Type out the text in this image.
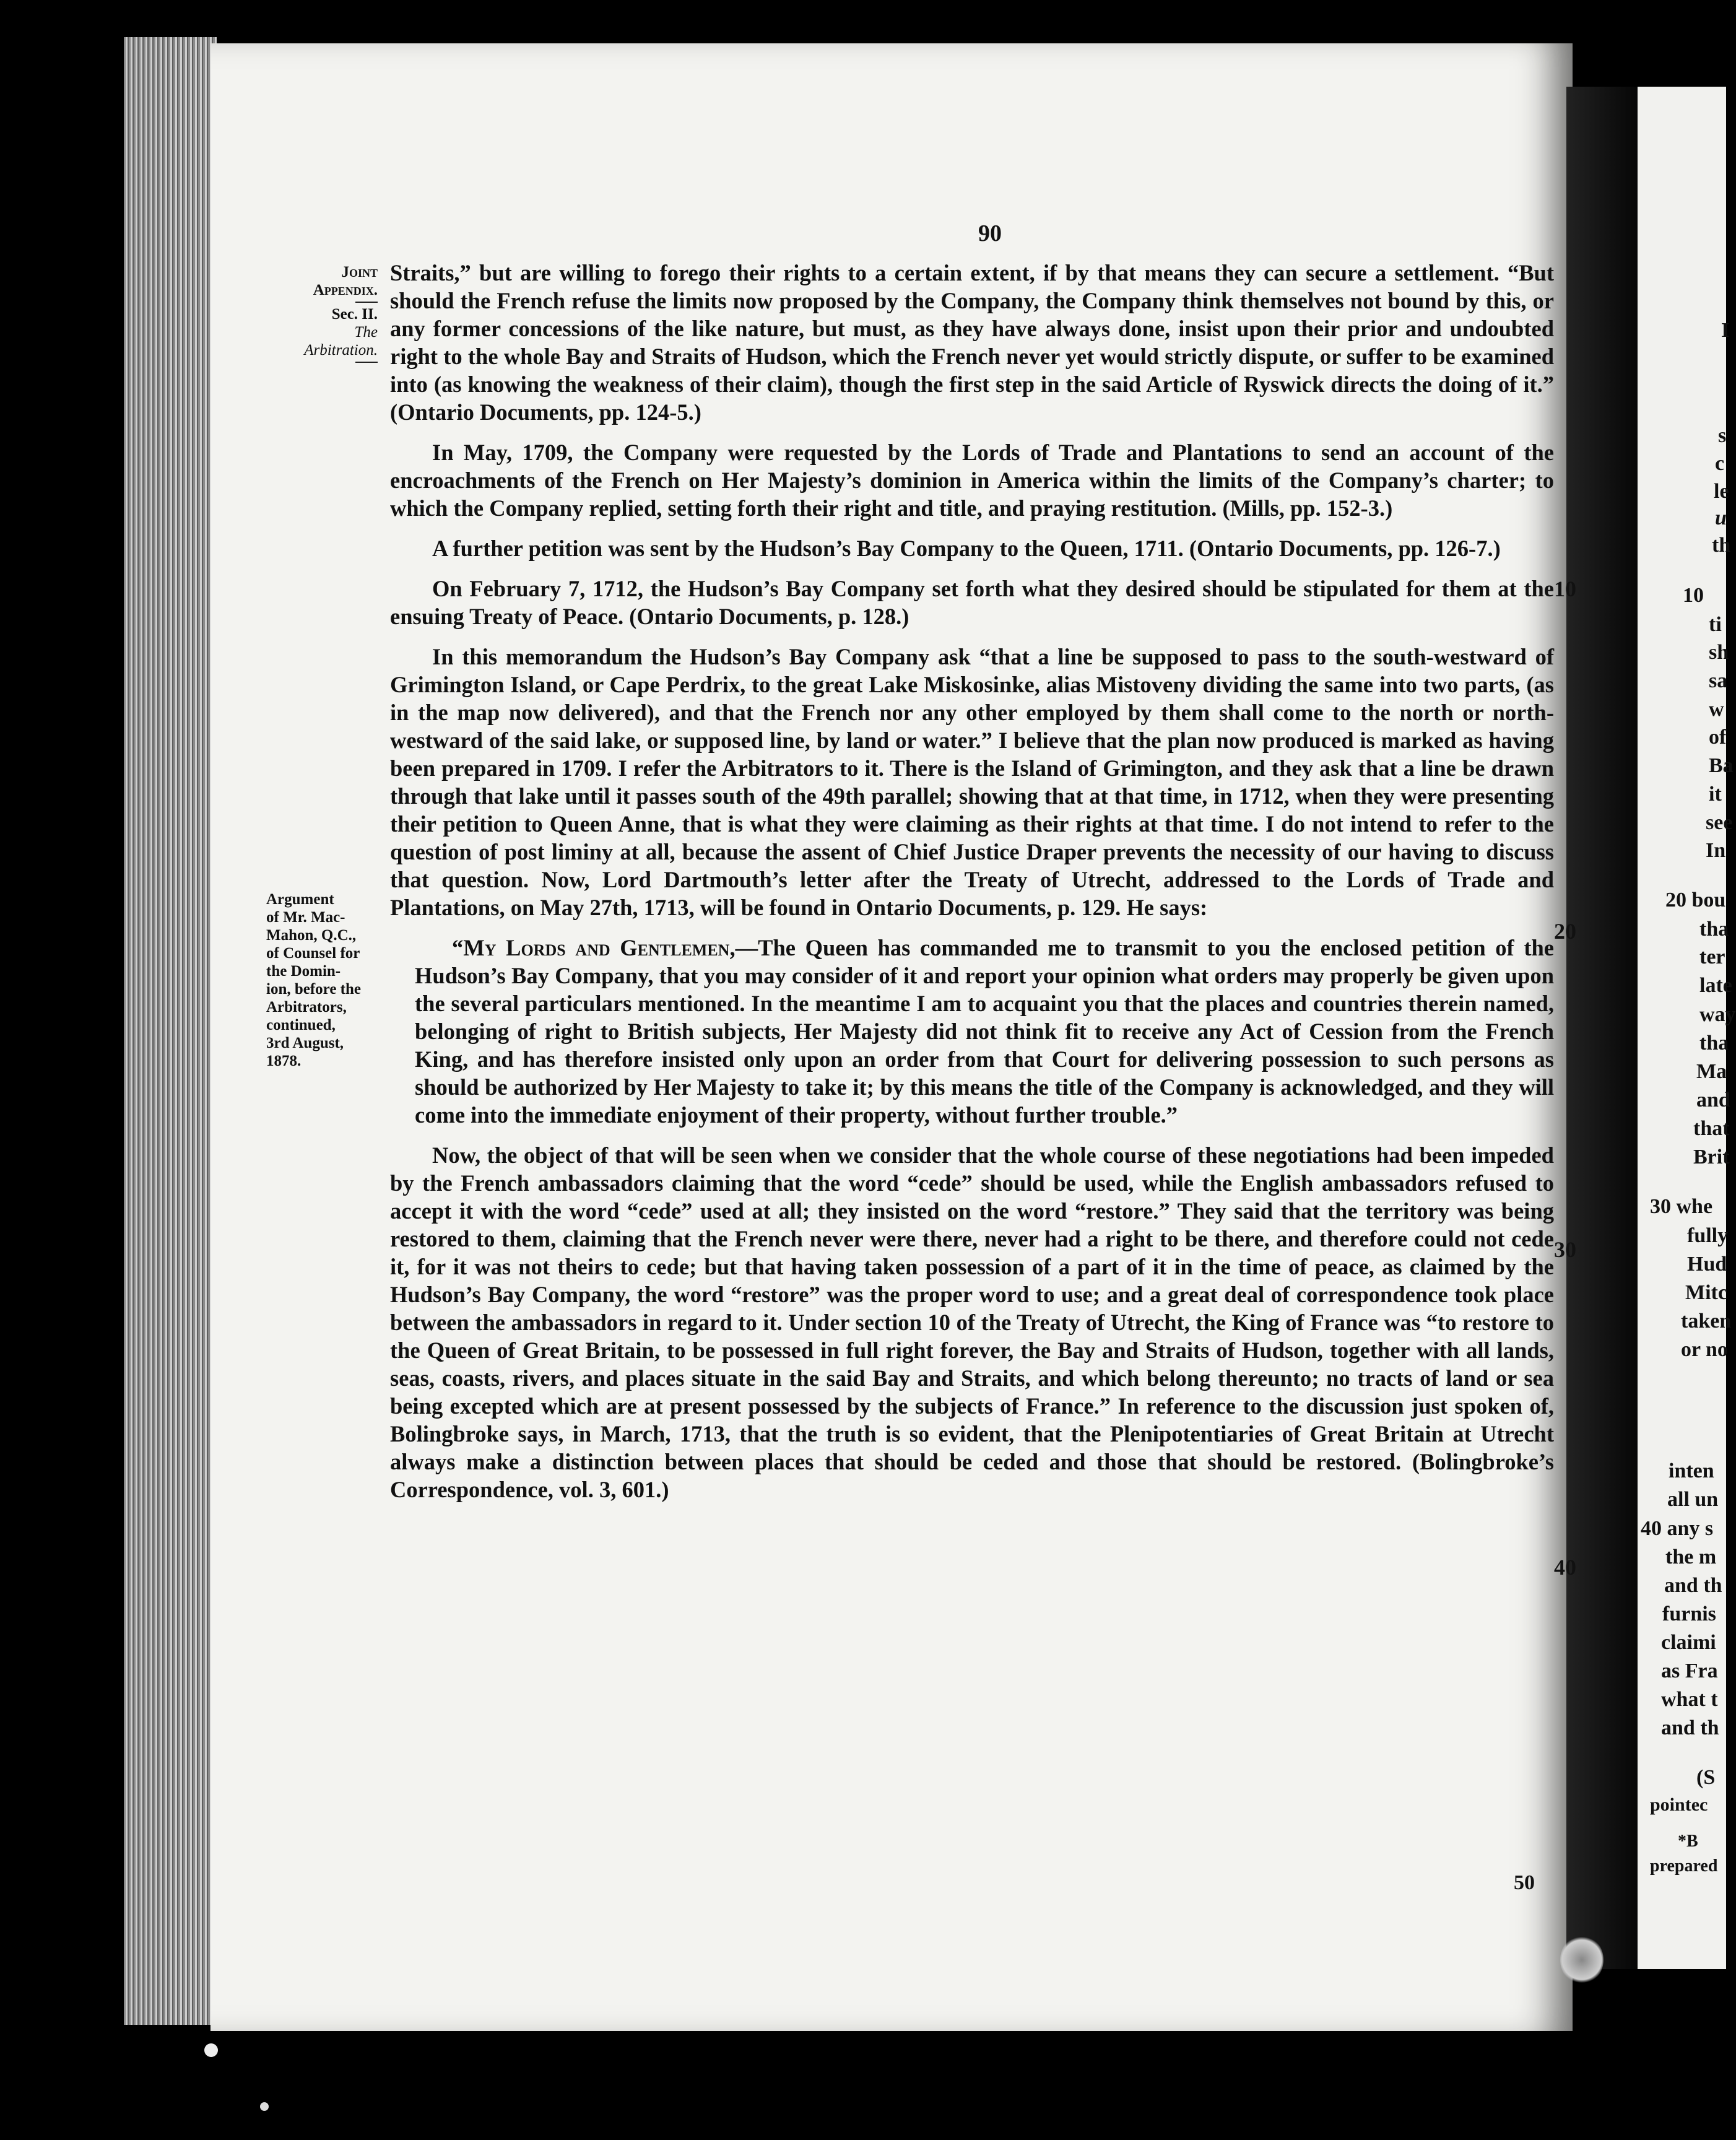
90
Joint
Appendix.
Sec. II.
The
Arbitration.
Argument
of Mr. Mac-
Mahon, Q.C.,
of Counsel for
the Domin-
ion, before the
Arbitrators,
continued,
3rd August,
1878.

Straits,” but are willing to forego their rights to a certain extent, if by that means they can secure a settlement. “But should the French refuse the limits now proposed by the Company, the Company think themselves not bound by this, or any former concessions of the like nature, but must, as they have always done, insist upon their prior and undoubted right to the whole Bay and Straits of Hudson, which the French never yet would strictly dispute, or suffer to be examined into (as knowing the weakness of their claim), though the first step in the said Article of Ryswick directs the doing of it.” (Ontario Documents, pp. 124-5.)

In May, 1709, the Company were requested by the Lords of Trade and Plantations to send an account of the encroachments of the French on Her Majesty’s dominion in America within the limits of the Company’s charter; to which the Company replied, setting forth their right and title, and praying restitution. (Mills, pp. 152-3.)

A further petition was sent by the Hudson’s Bay Company to the Queen, 1711. (Ontario Documents, pp. 126-7.)

On February 7, 1712, the Hudson’s Bay Company set forth what they desired should be stipulated for them at the ensuing Treaty of Peace. (Ontario Documents, p. 128.)

In this memorandum the Hudson’s Bay Company ask “that a line be supposed to pass to the south-westward of Grimington Island, or Cape Perdrix, to the great Lake Miskosinke, alias Mistoveny dividing the same into two parts, (as in the map now delivered), and that the French nor any other employed by them shall come to the north or north-westward of the said lake, or supposed line, by land or water.” I believe that the plan now produced is marked as having been prepared in 1709. I refer the Arbitrators to it. There is the Island of Grimington, and they ask that a line be drawn through that lake until it passes south of the 49th parallel; showing that at that time, in 1712, when they were presenting their petition to Queen Anne, that is what they were claiming as their rights at that time. I do not intend to refer to the question of post liminy at all, because the assent of Chief Justice Draper prevents the necessity of our having to discuss that question. Now, Lord Dartmouth’s letter after the Treaty of Utrecht, addressed to the Lords of Trade and Plantations, on May 27th, 1713, will be found in Ontario Documents, p. 129. He says:

“My Lords and Gentlemen,—The Queen has commanded me to transmit to you the enclosed petition of the Hudson’s Bay Company, that you may consider of it and report your opinion what orders may properly be given upon the several particulars mentioned. In the meantime I am to acquaint you that the places and countries therein named, belonging of right to British subjects, Her Majesty did not think fit to receive any Act of Cession from the French King, and has therefore insisted only upon an order from that Court for delivering possession to such persons as should be authorized by Her Majesty to take it; by this means the title of the Company is acknowledged, and they will come into the immediate enjoyment of their property, without further trouble.”

Now, the object of that will be seen when we consider that the whole course of these negotiations had been impeded by the French ambassadors claiming that the word “cede” should be used, while the English ambassadors refused to accept it with the word “cede” used at all; they insisted on the word “restore.” They said that the territory was being restored to them, claiming that the French never were there, never had a right to be there, and therefore could not cede it, for it was not theirs to cede; but that having taken possession of a part of it in the time of peace, as claimed by the Hudson’s Bay Company, the word “restore” was the proper word to use; and a great deal of correspondence took place between the ambassadors in regard to it. Under section 10 of the Treaty of Utrecht, the King of France was “to restore to the Queen of Great Britain, to be possessed in full right forever, the Bay and Straits of Hudson, together with all lands, seas, coasts, rivers, and places situate in the said Bay and Straits, and which belong thereunto; no tracts of land or sea being excepted which are at present possessed by the subjects of France.” In reference to the discussion just spoken of, Bolingbroke says, in March, 1713, that the truth is so evident, that the Plenipotentiaries of Great Britain at Utrecht always make a distinction between places that should be ceded and those that should be restored. (Bolingbroke’s Correspondence, vol. 3, 601.)

10
20
30
40
50
I
s
c
le
u
th
10
ti
sh
sa
w
of
Ba
it
see
In
20 bou
tha
ter
late
way
tha
Ma
and
that
Brit
30 whe
fully
Hud
Mitc
taken
or no
inten
all un
40 any s
the m
and th
furnis
claimi
as Fra
what t
and th
(S
pointec
*B
prepared
